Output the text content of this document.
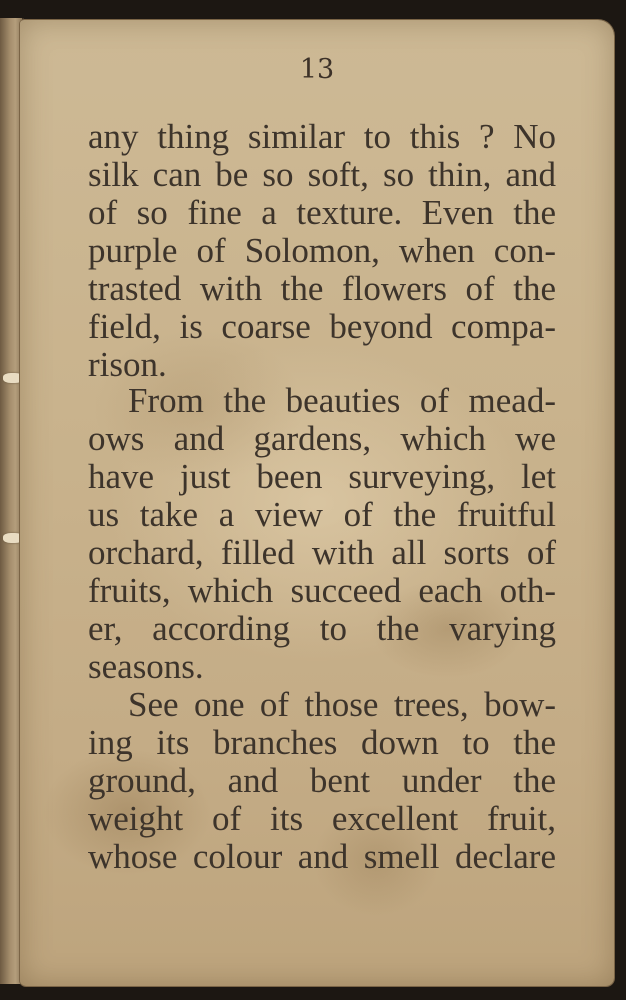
13

any thing similar to this ? No

silk can be so soft, so thin, and

of so fine a texture. Even the

purple of Solomon, when con-

trasted with the flowers of the

field, is coarse beyond compa-

rison.

From the beauties of mead-

ows and gardens, which we

have just been surveying, let

us take a view of the fruitful

orchard, filled with all sorts of

fruits, which succeed each oth-

er, according to the varying

seasons.

See one of those trees, bow-

ing its branches down to the

ground, and bent under the

weight of its excellent fruit,

whose colour and smell declare
